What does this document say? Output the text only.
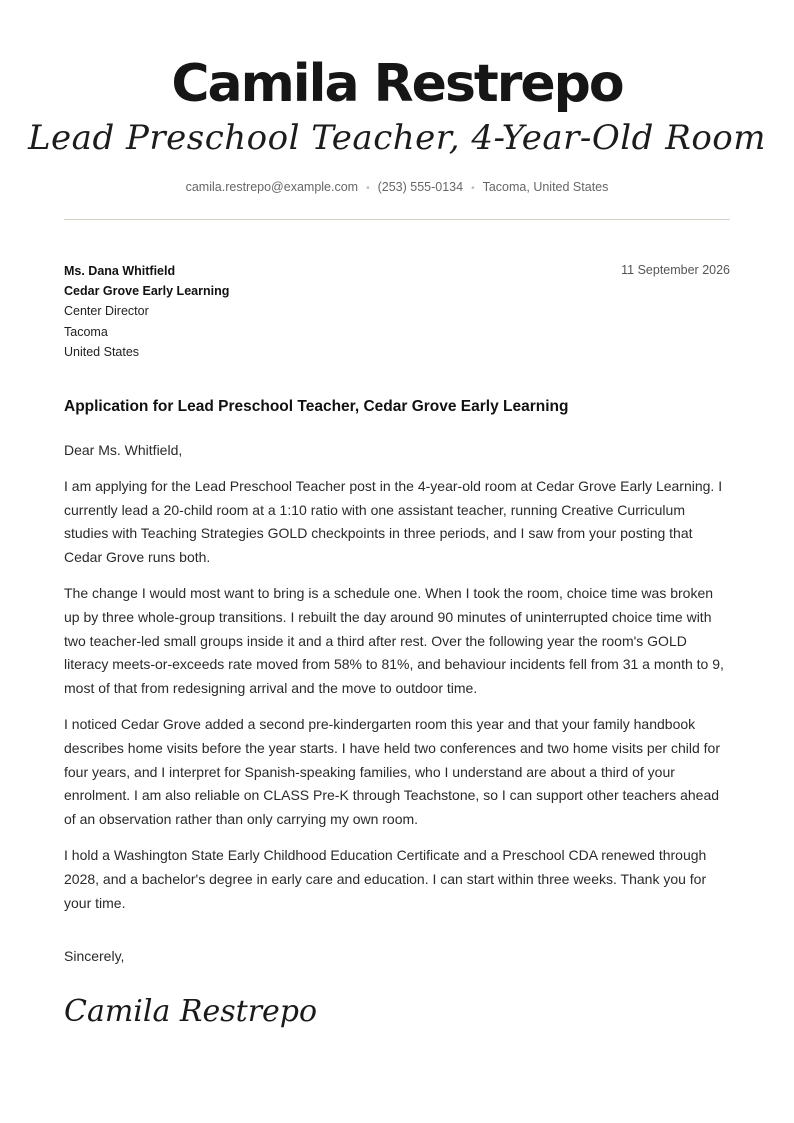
Camila Restrepo
Lead Preschool Teacher, 4-Year-Old Room
camila.restrepo@example.com • (253) 555-0134 • Tacoma, United States
Ms. Dana Whitfield
Cedar Grove Early Learning
Center Director
Tacoma
United States
11 September 2026
Application for Lead Preschool Teacher, Cedar Grove Early Learning

Dear Ms. Whitfield,

I am applying for the Lead Preschool Teacher post in the 4-year-old room at Cedar Grove Early Learning. I currently lead a 20-child room at a 1:10 ratio with one assistant teacher, running Creative Curriculum studies with Teaching Strategies GOLD checkpoints in three periods, and I saw from your posting that Cedar Grove runs both.

The change I would most want to bring is a schedule one. When I took the room, choice time was broken up by three whole-group transitions. I rebuilt the day around 90 minutes of uninterrupted choice time with two teacher-led small groups inside it and a third after rest. Over the following year the room's GOLD literacy meets-or-exceeds rate moved from 58% to 81%, and behaviour incidents fell from 31 a month to 9, most of that from redesigning arrival and the move to outdoor time.

I noticed Cedar Grove added a second pre-kindergarten room this year and that your family handbook describes home visits before the year starts. I have held two conferences and two home visits per child for four years, and I interpret for Spanish-speaking families, who I understand are about a third of your enrolment. I am also reliable on CLASS Pre-K through Teachstone, so I can support other teachers ahead of an observation rather than only carrying my own room.

I hold a Washington State Early Childhood Education Certificate and a Preschool CDA renewed through 2028, and a bachelor's degree in early care and education. I can start within three weeks. Thank you for your time.

Sincerely,
Camila Restrepo
